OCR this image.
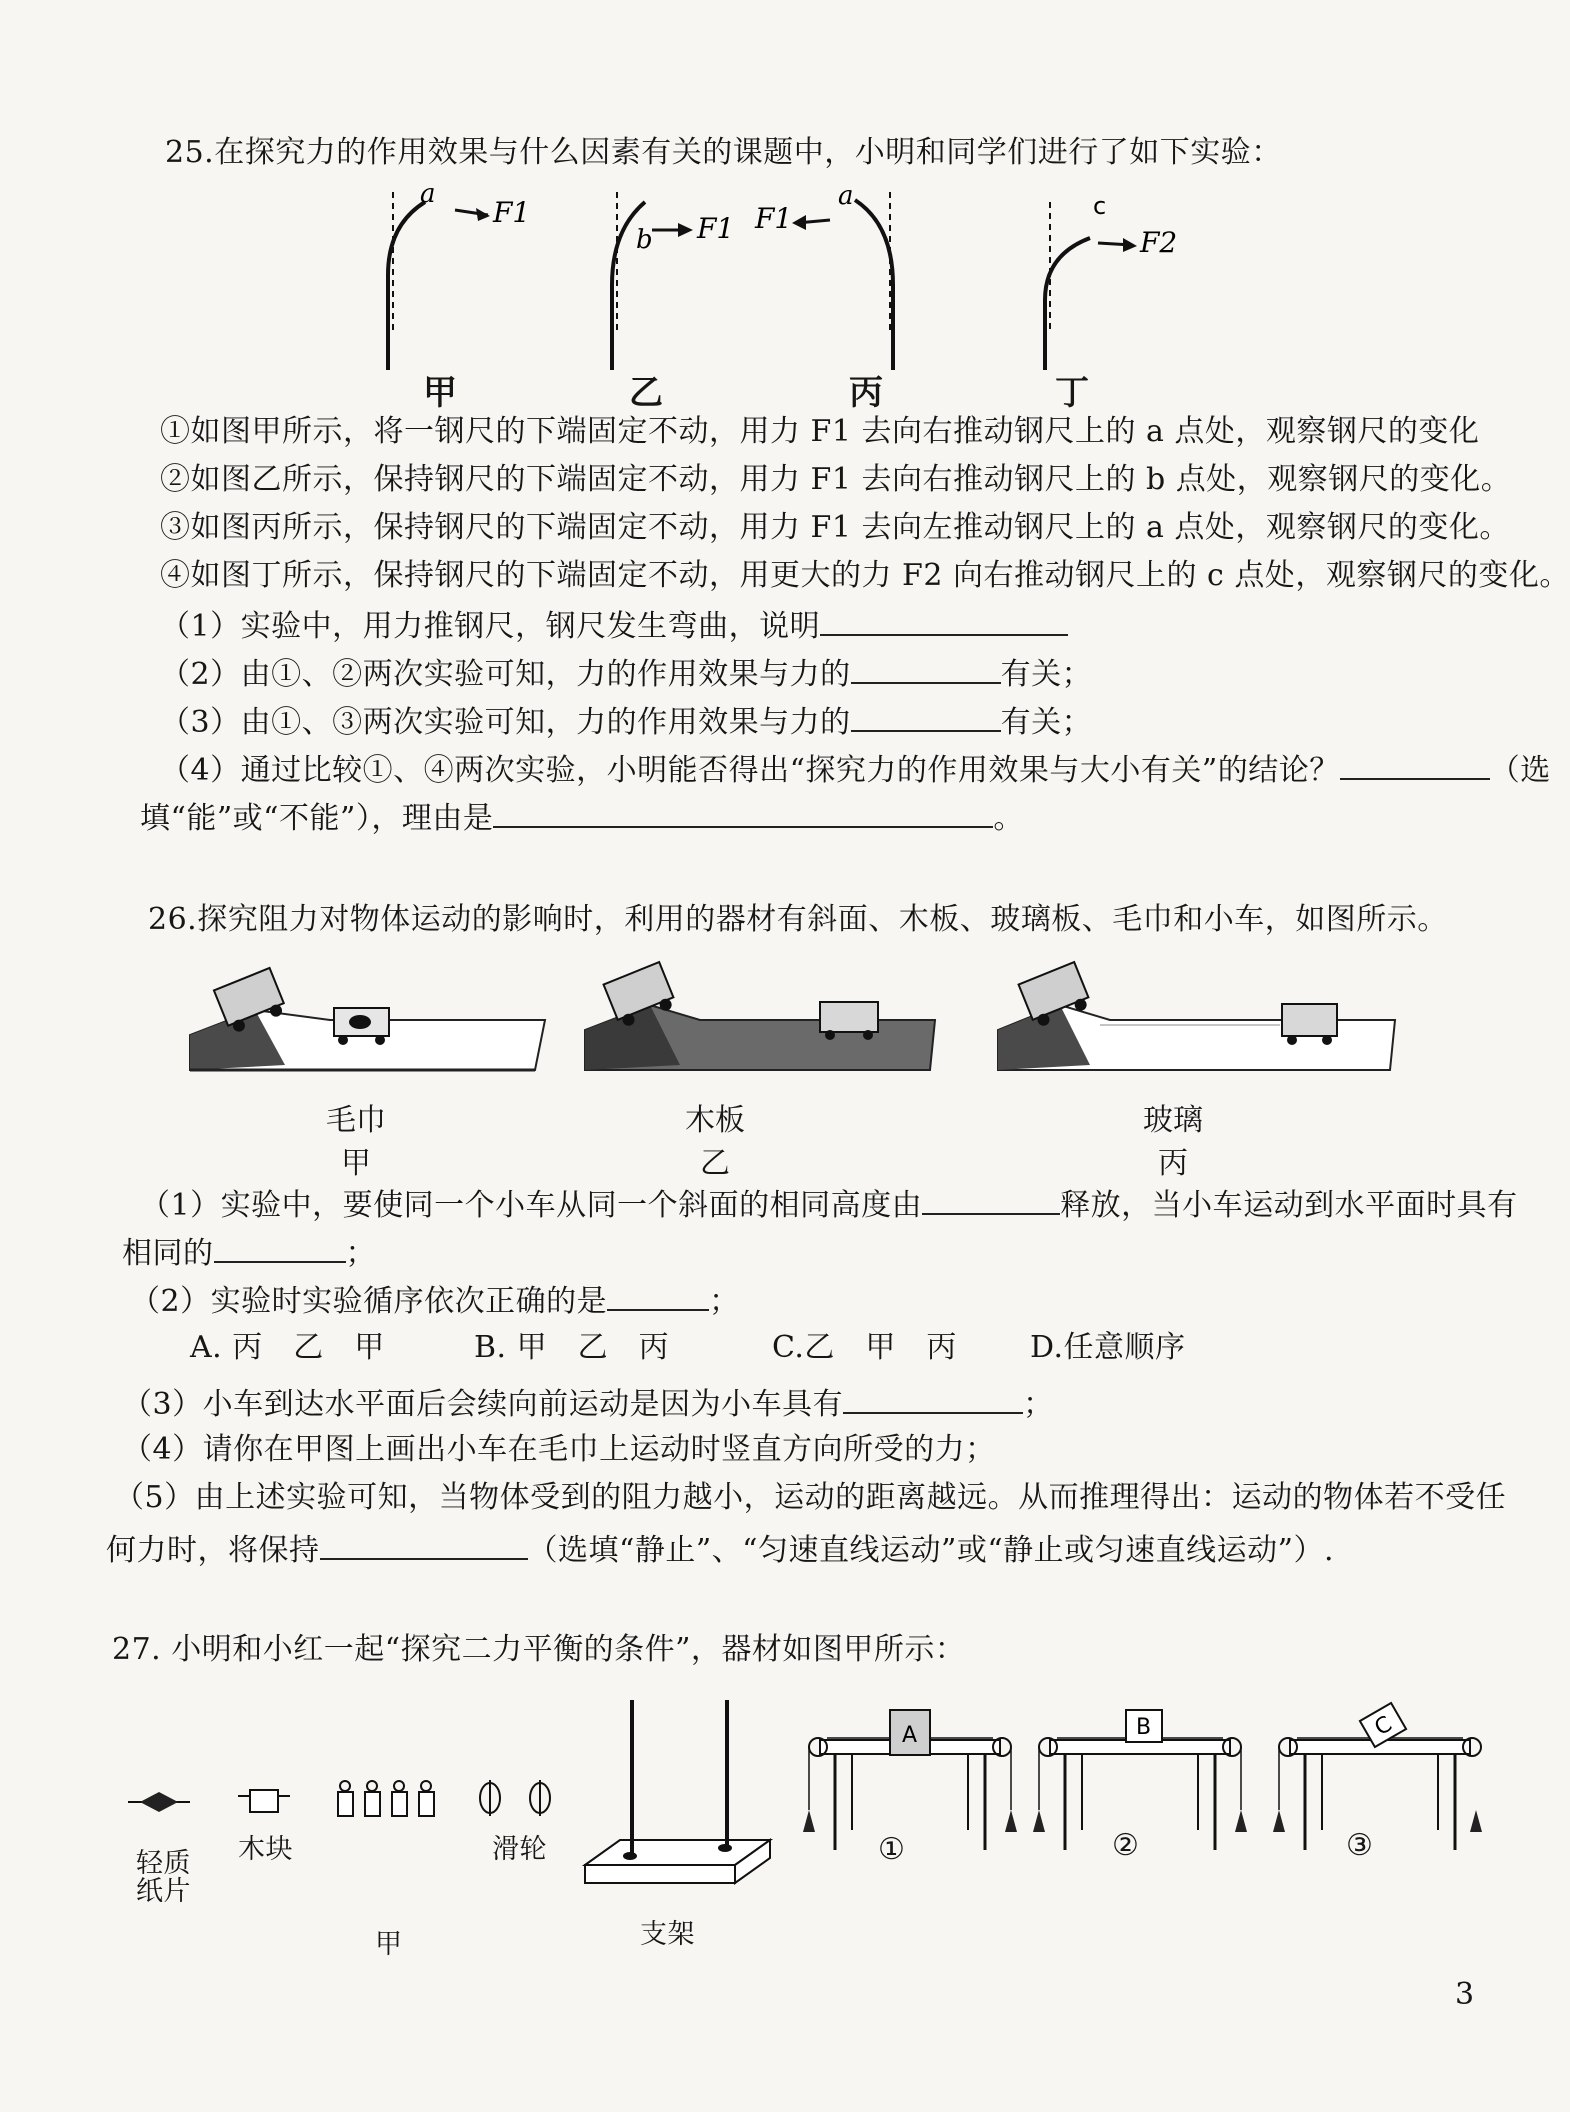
25.在探究力的作用效果与什么因素有关的课题中，小明和同学们进行了如下实验：
a
F1
b F1
a
F1	c
F2
甲	乙	丙	丁
①如图甲所示，将一钢尺的下端固定不动，用力 F1 去向右推动钢尺上的 a 点处，观察钢尺的变化
②如图乙所示，保持钢尺的下端固定不动，用力 F1 去向右推动钢尺上的 b 点处，观察钢尺的变化。
③如图丙所示，保持钢尺的下端固定不动，用力 F1 去向左推动钢尺上的 a 点处，观察钢尺的变化。
④如图丁所示，保持钢尺的下端固定不动，用更大的力 F2 向右推动钢尺上的 c 点处，观察钢尺的变化。
（1）实验中，用力推钢尺，钢尺发生弯曲，说明
（2）由①、②两次实验可知，力的作用效果与力的	有关；
（3）由①、③两次实验可知，力的作用效果与力的	有关；
（4）通过比较①、④两次实验，小明能否得出“探究力的作用效果与大小有关”的结论？	（选
填“能”或“不能”），理由是	。
26.探究阻力对物体运动的影响时，利用的器材有斜面、木板、玻璃板、毛巾和小车，如图所示。
毛巾	木板	玻璃
甲	乙	丙
（1）实验中，要使同一个小车从同一个斜面的相同高度由	释放，当小车运动到水平面时具有
相同的	；
（2）实验时实验循序依次正确的是	；
A. 丙　乙　甲	B. 甲　乙　丙	C.乙　甲　丙 D.任意顺序
（3）小车到达水平面后会续向前运动是因为小车具有	；
（4）请你在甲图上画出小车在毛巾上运动时竖直方向所受的力；
（5）由上述实验可知，当物体受到的阻力越小，运动的距离越远。从而推理得出：运动的物体若不受任
何力时，将保持	（选填“静止”、“匀速直线运动”或“静止或匀速直线运动”）.
27. 小明和小红一起“探究二力平衡的条件”，器材如图甲所示：
A	B	C
轻质
纸片
木块	滑轮
支架
甲
①	②	③
3
